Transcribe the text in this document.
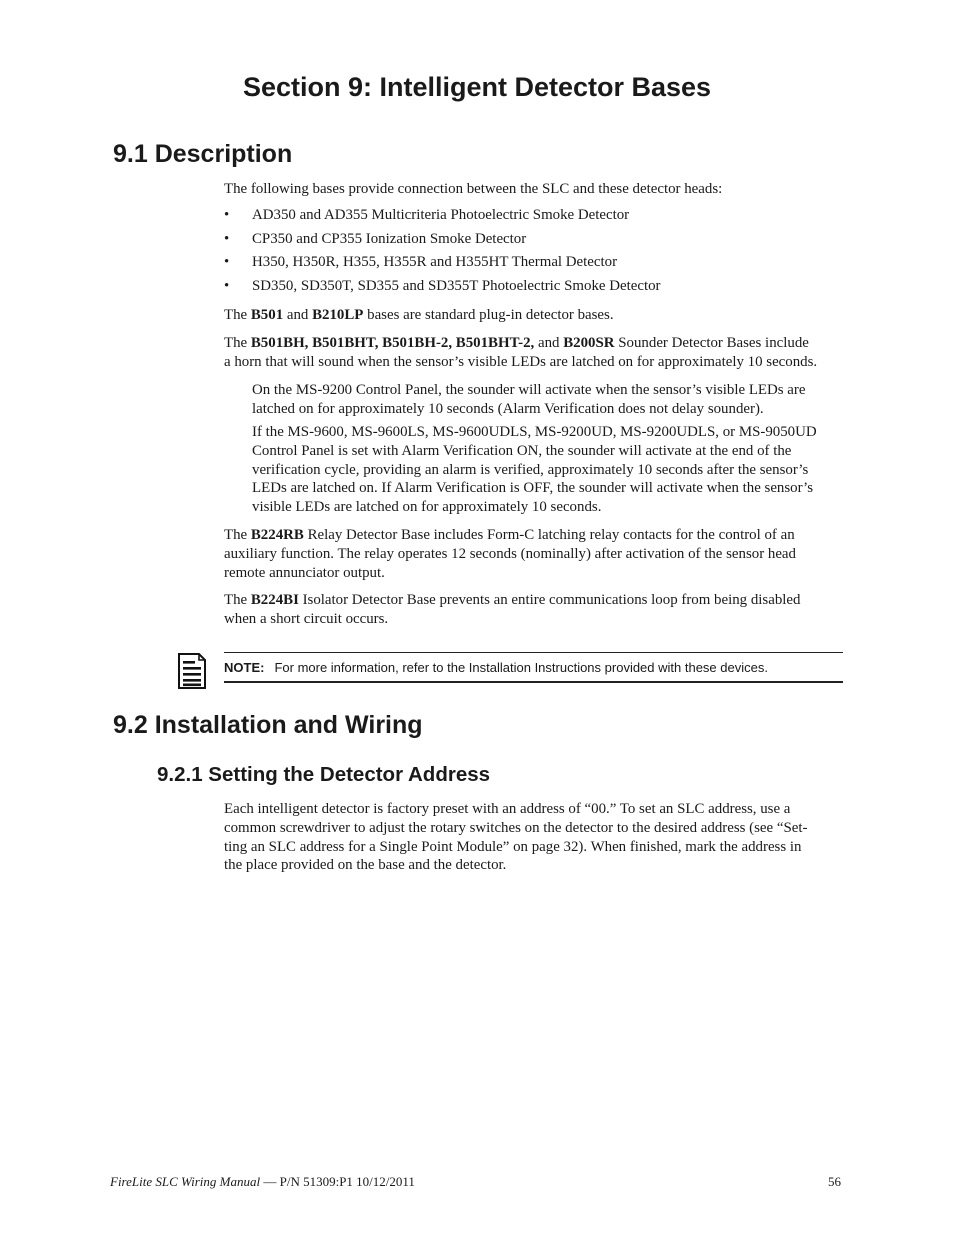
Section 9: Intelligent Detector Bases
9.1 Description
The following bases provide connection between the SLC and these detector heads:
• AD350 and AD355 Multicriteria Photoelectric Smoke Detector
• CP350 and CP355 Ionization Smoke Detector
• H350, H350R, H355, H355R and H355HT Thermal Detector
• SD350, SD350T, SD355 and SD355T Photoelectric Smoke Detector
The B501 and B210LP bases are standard plug-in detector bases.
The B501BH, B501BHT, B501BH-2, B501BHT-2, and B200SR Sounder Detector Bases include
a horn that will sound when the sensor’s visible LEDs are latched on for approximately 10 seconds.
On the MS-9200 Control Panel, the sounder will activate when the sensor’s visible LEDs are
latched on for approximately 10 seconds (Alarm Verification does not delay sounder).
If the MS-9600, MS-9600LS, MS-9600UDLS, MS-9200UD, MS-9200UDLS, or MS-9050UD
Control Panel is set with Alarm Verification ON, the sounder will activate at the end of the
verification cycle, providing an alarm is verified, approximately 10 seconds after the sensor’s
LEDs are latched on. If Alarm Verification is OFF, the sounder will activate when the sensor’s
visible LEDs are latched on for approximately 10 seconds.
The B224RB Relay Detector Base includes Form-C latching relay contacts for the control of an
auxiliary function. The relay operates 12 seconds (nominally) after activation of the sensor head
remote annunciator output.
The B224BI Isolator Detector Base prevents an entire communications loop from being disabled
when a short circuit occurs.
NOTE: For more information, refer to the Installation Instructions provided with these devices.
9.2 Installation and Wiring
9.2.1 Setting the Detector Address
Each intelligent detector is factory preset with an address of “00.” To set an SLC address, use a
common screwdriver to adjust the rotary switches on the detector to the desired address (see “Set-
ting an SLC address for a Single Point Module” on page 32). When finished, mark the address in
the place provided on the base and the detector.
FireLite SLC Wiring Manual — P/N 51309:P1 10/12/2011	56
